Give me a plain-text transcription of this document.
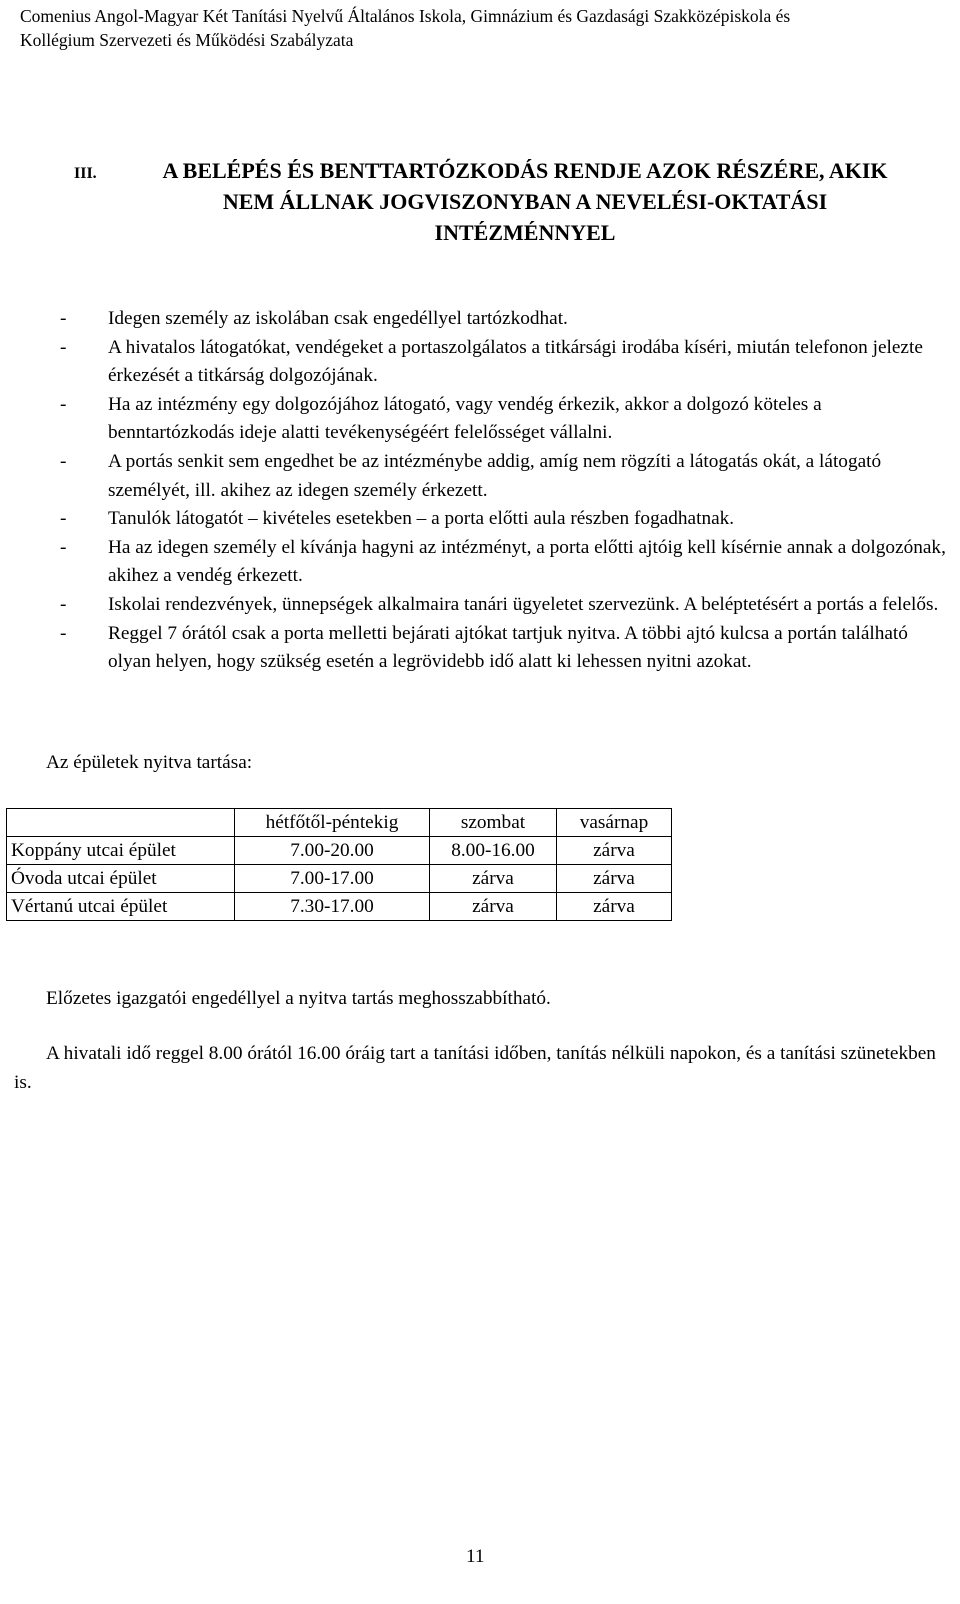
Comenius Angol-Magyar Két Tanítási Nyelvű Általános Iskola, Gimnázium és Gazdasági Szakközépiskola és
Kollégium Szervezeti és Működési Szabályzata
III.	A BELÉPÉS ÉS BENTTARTÓZKODÁS RENDJE AZOK RÉSZÉRE, AKIK
NEM ÁLLNAK JOGVISZONYBAN A NEVELÉSI-OKTATÁSI
INTÉZMÉNNYEL
- Idegen személy az iskolában csak engedéllyel tartózkodhat.
- A hivatalos látogatókat, vendégeket a portaszolgálatos a titkársági irodába kíséri, miután telefonon jelezte érkezését a titkárság dolgozójának.
- Ha az intézmény egy dolgozójához látogató, vagy vendég érkezik, akkor a dolgozó köteles a benntartózkodás ideje alatti tevékenységéért felelősséget vállalni.
- A portás senkit sem engedhet be az intézménybe addig, amíg nem rögzíti a látogatás okát, a látogató személyét, ill. akihez az idegen személy érkezett.
- Tanulók látogatót – kivételes esetekben – a porta előtti aula részben fogadhatnak.
- Ha az idegen személy el kívánja hagyni az intézményt, a porta előtti ajtóig kell kísérnie annak a dolgozónak, akihez a vendég érkezett.
- Iskolai rendezvények, ünnepségek alkalmaira tanári ügyeletet szervezünk. A beléptetésért a portás a felelős.
- Reggel 7 órától csak a porta melletti bejárati ajtókat tartjuk nyitva. A többi ajtó kulcsa a portán található olyan helyen, hogy szükség esetén a legrövidebb idő alatt ki lehessen nyitni azokat.
Az épületek nyitva tartása:
	hétfőtől-péntekig	szombat	vasárnap
Koppány utcai épület	7.00-20.00	8.00-16.00	zárva
Óvoda utcai épület	7.00-17.00	zárva	zárva
Vértanú utcai épület	7.30-17.00	zárva	zárva
Előzetes igazgatói engedéllyel a nyitva tartás meghosszabbítható.
A hivatali idő reggel 8.00 órától 16.00 óráig tart a tanítási időben, tanítás nélküli napokon, és a tanítási szünetekben is.
11
